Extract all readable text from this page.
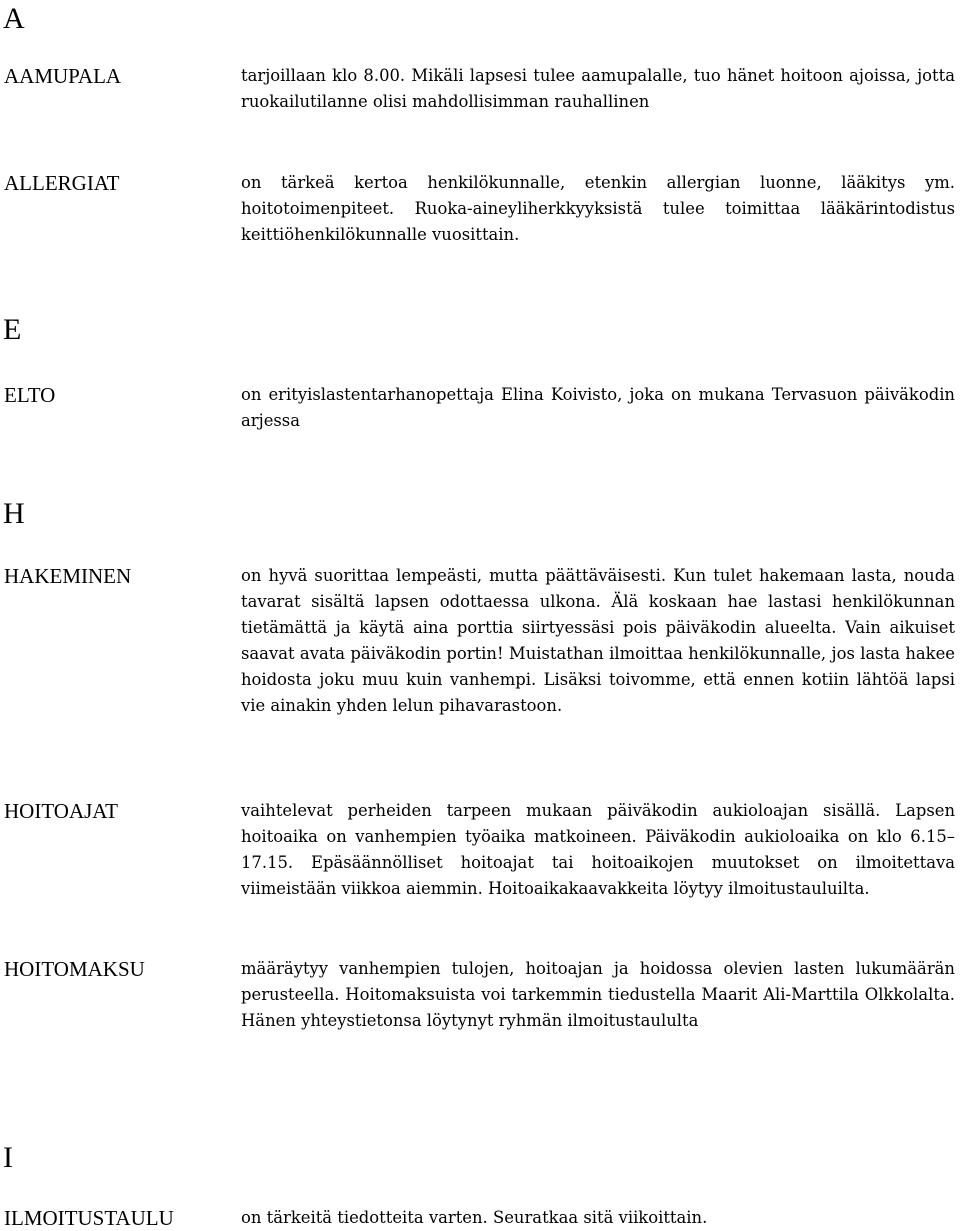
A
AAMUPALA	tarjoillaan klo 8.00. Mikäli lapsesi tulee aamupalalle, tuo hänet hoitoon ajoissa, jotta ruokailutilanne olisi mahdollisimman rauhallinen
ALLERGIAT	on tärkeä kertoa henkilökunnalle, etenkin allergian luonne, lääkitys ym. hoitotoimenpiteet. Ruoka-aineyliherkkyyksistä tulee toimittaa lääkärintodistus keittiöhenkilökunnalle vuosittain.
E
ELTO	on erityislastentarhanopettaja Elina Koivisto, joka on mukana Tervasuon päiväkodin arjessa
H
HAKEMINEN	on hyvä suorittaa lempeästi, mutta päättäväisesti. Kun tulet hakemaan lasta, nouda tavarat sisältä lapsen odottaessa ulkona. Älä koskaan hae lastasi henkilökunnan tietämättä ja käytä aina porttia siirtyessäsi pois päiväkodin alueelta. Vain aikuiset saavat avata päiväkodin portin! Muistathan ilmoittaa henkilökunnalle, jos lasta hakee hoidosta joku muu kuin vanhempi. Lisäksi toivomme, että ennen kotiin lähtöä lapsi vie ainakin yhden lelun pihavarastoon.
HOITOAJAT	vaihtelevat perheiden tarpeen mukaan päiväkodin aukioloajan sisällä. Lapsen hoitoaika on vanhempien työaika matkoineen. Päiväkodin aukioloaika on klo 6.15–17.15. Epäsäännölliset hoitoajat tai hoitoaikojen muutokset on ilmoitettava viimeistään viikkoa aiemmin. Hoitoaikakaavakkeita löytyy ilmoitustauluilta.
HOITOMAKSU	määräytyy vanhempien tulojen, hoitoajan ja hoidossa olevien lasten lukumäärän perusteella. Hoitomaksuista voi tarkemmin tiedustella Maarit Ali-Marttila Olkkolalta. Hänen yhteystietonsa löytynyt ryhmän ilmoitustaululta
I
ILMOITUSTAULU	on tärkeitä tiedotteita varten. Seuratkaa sitä viikoittain.
